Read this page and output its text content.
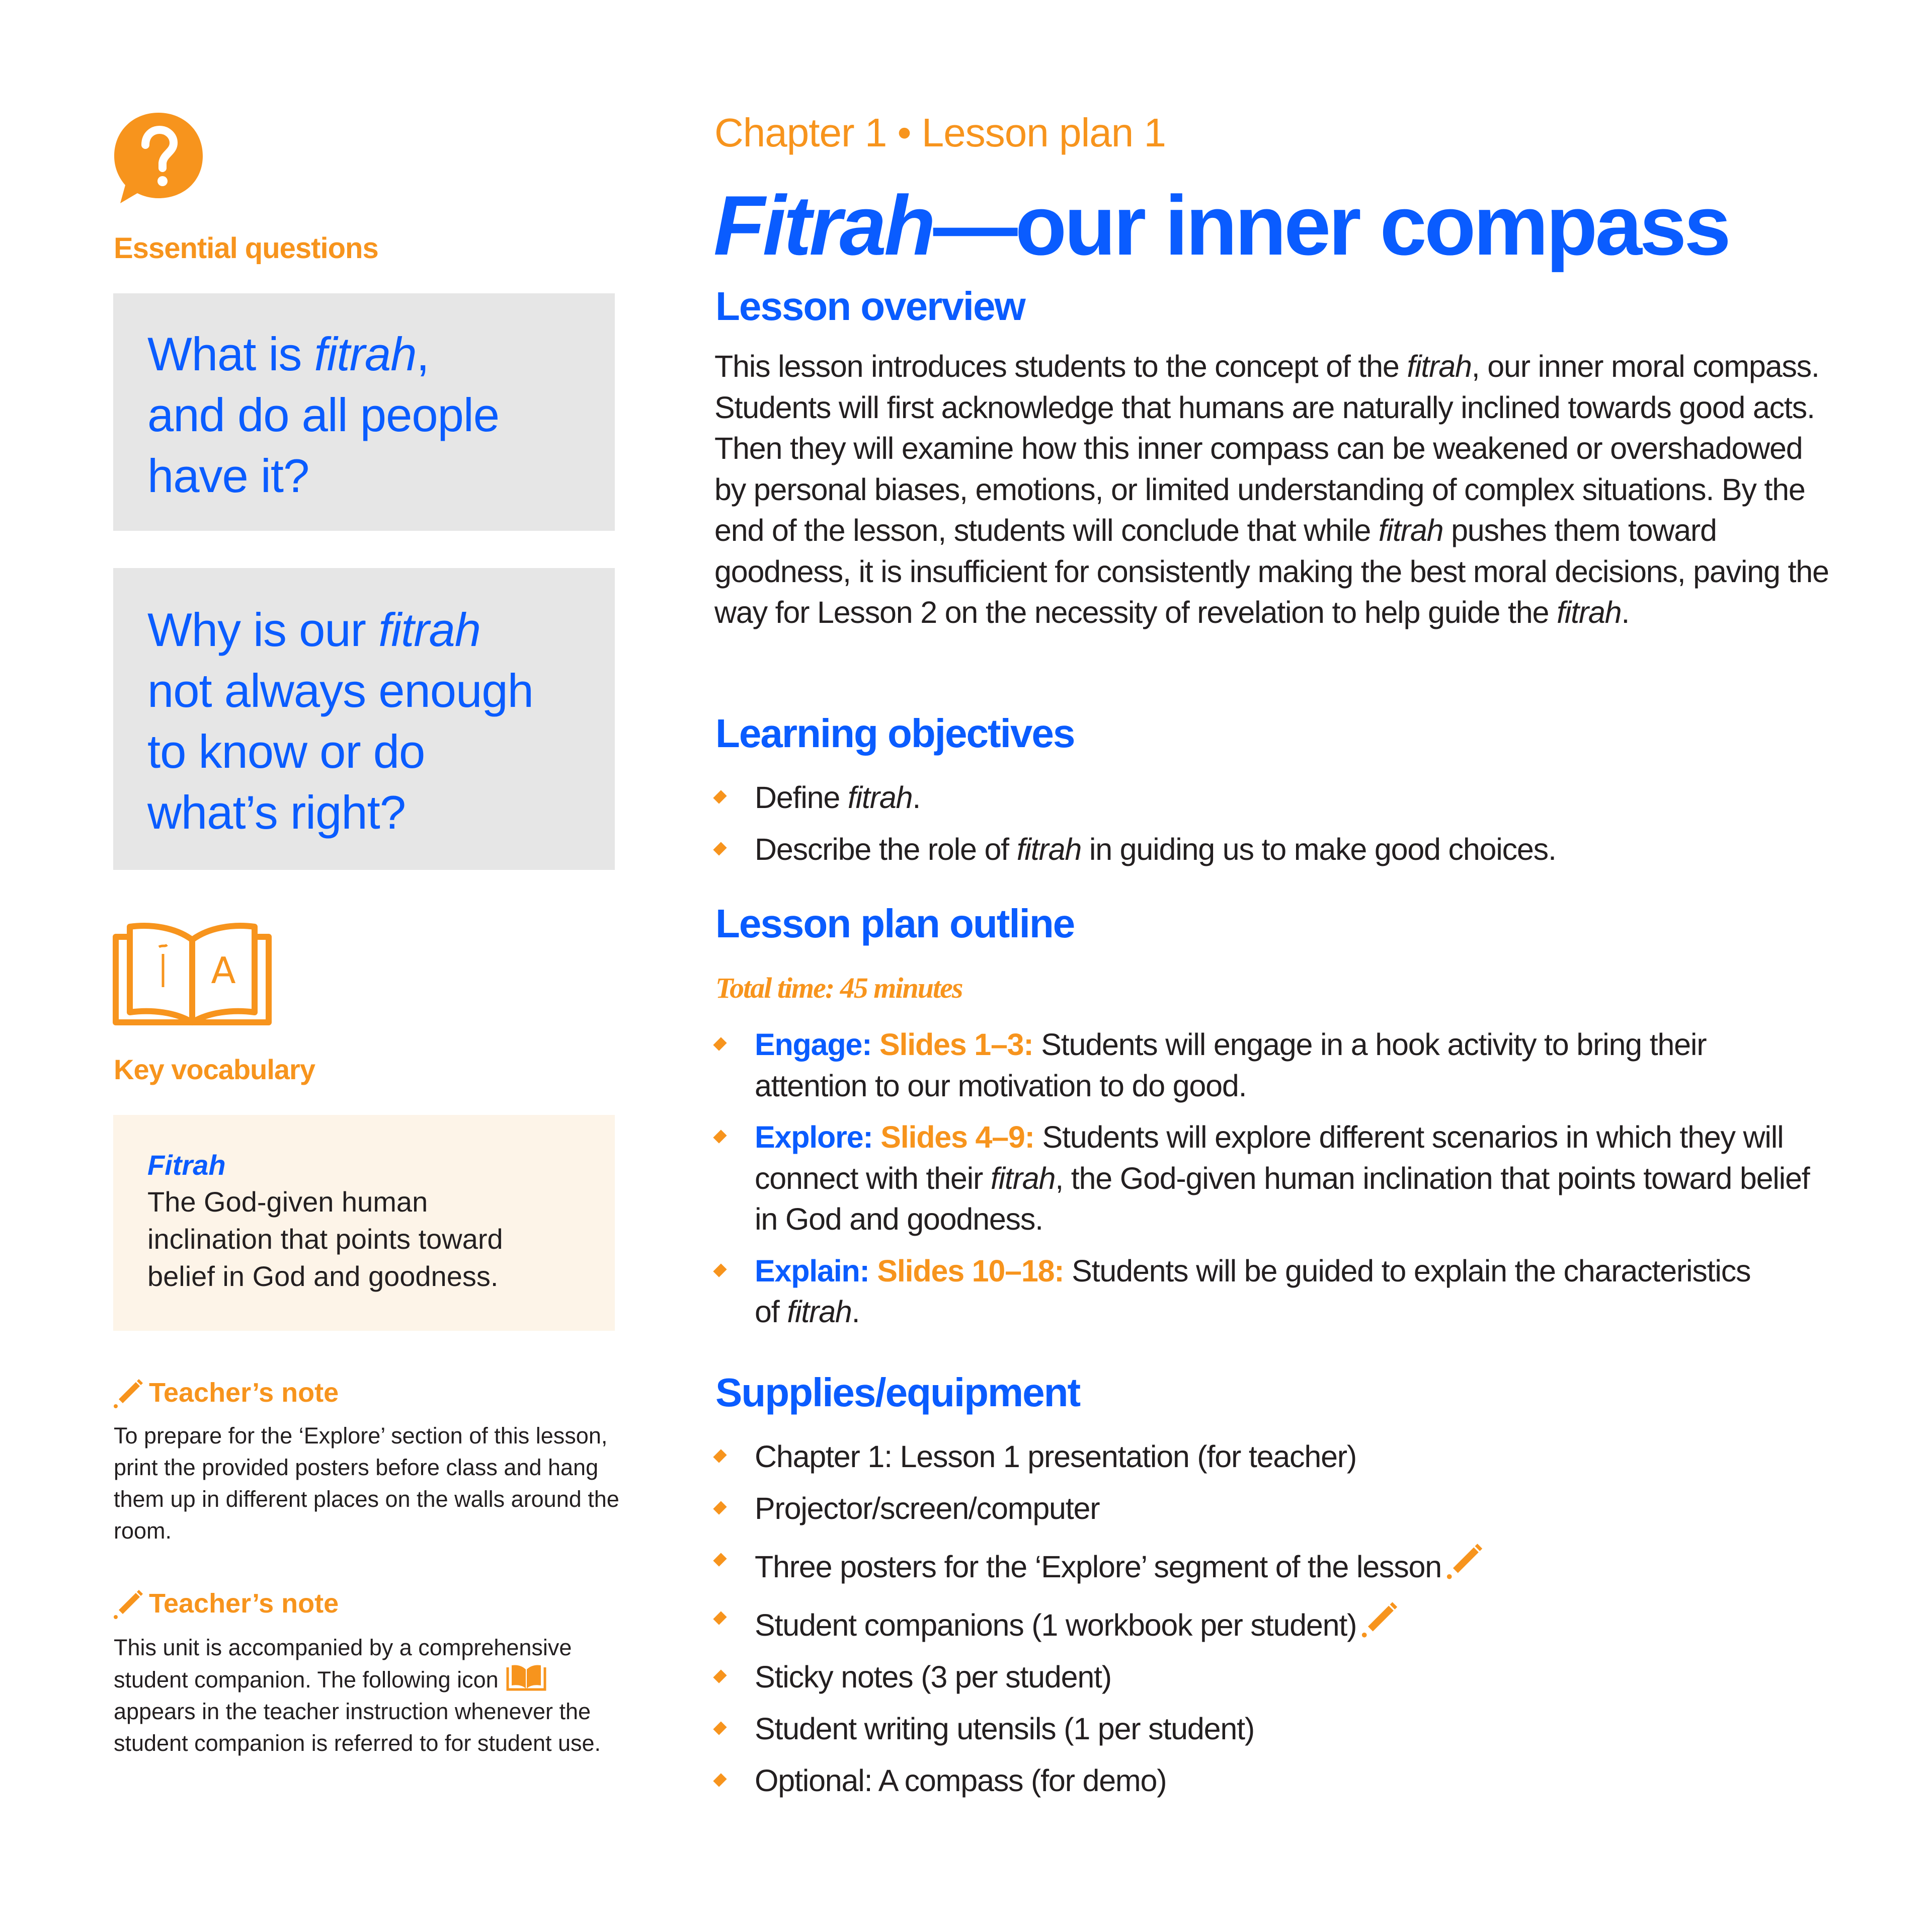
Essential questions
What is fitrah,
and do all people
have it?
Why is our fitrah
not always enough
to know or do
what’s right?
A
Key vocabulary
Fitrah
The God-given human inclination that points toward belief in God and goodness.
Teacher’s note
To prepare for the ‘Explore’ section of this lesson, print the provided posters before class and hang them up in different places on the walls around the room.
Teacher’s note
This unit is accompanied by a comprehensive student companion. The following icon  appears in the teacher instruction whenever the student companion is referred to for student use.
Chapter 1 • Lesson plan 1
Fitrah—our inner compass
Lesson overview
This lesson introduces students to the concept of the fitrah, our inner moral compass. Students will first acknowledge that humans are naturally inclined towards good acts. Then they will examine how this inner compass can be weakened or overshadowed by personal biases, emotions, or limited understanding of complex situations. By the end of the lesson, students will conclude that while fitrah pushes them toward goodness, it is insufficient for consistently making the best moral decisions, paving the way for Lesson 2 on the necessity of revelation to help guide the fitrah.
Learning objectives
Define fitrah.
Describe the role of fitrah in guiding us to make good choices.
Lesson plan outline
Total time: 45 minutes
Engage: Slides 1–3: Students will engage in a hook activity to bring their attention to our motivation to do good.
Explore: Slides 4–9: Students will explore different scenarios in which they will connect with their fitrah, the God-given human inclination that points toward belief in God and goodness.
Explain: Slides 10–18: Students will be guided to explain the characteristics of fitrah.
Supplies/equipment
Chapter 1: Lesson 1 presentation (for teacher)
Projector/screen/computer
Three posters for the ‘Explore’ segment of the lesson
Student companions (1 workbook per student)
Sticky notes (3 per student)
Student writing utensils (1 per student)
Optional: A compass (for demo)
